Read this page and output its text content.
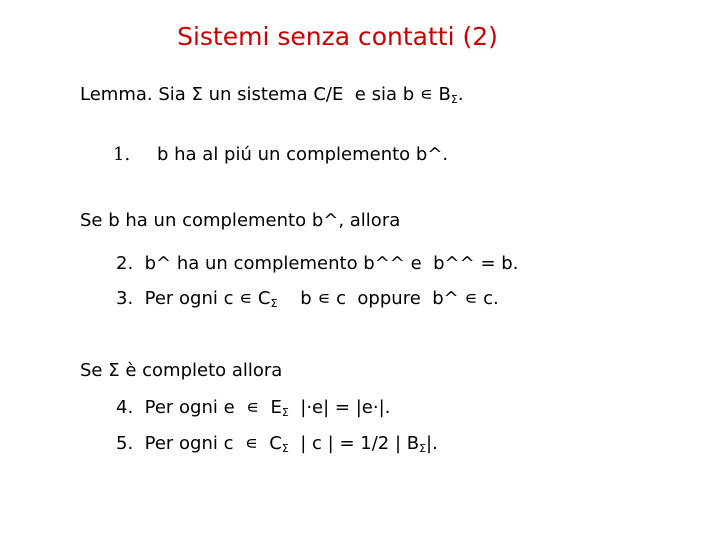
Sistemi senza contatti (2)
Lemma. Sia Σ un sistema C/E  e sia b ∊ $B_\Sigma$.
1. b ha al piú un complemento b^.
Se b ha un complemento b^, allora
2.  b^ ha un complemento b^^ e  b^^ = b.
3.  Per ogni c ∊ $C_\Sigma$    b ∊ c  oppure  b^ ∊ c.
Se Σ è completo allora
4.  Per ogni e  ∊  $E_\Sigma$  |·e| = |e·|.
5.  Per ogni c  ∊  $C_\Sigma$  | c | = 1/2 | $B_\Sigma|$.
